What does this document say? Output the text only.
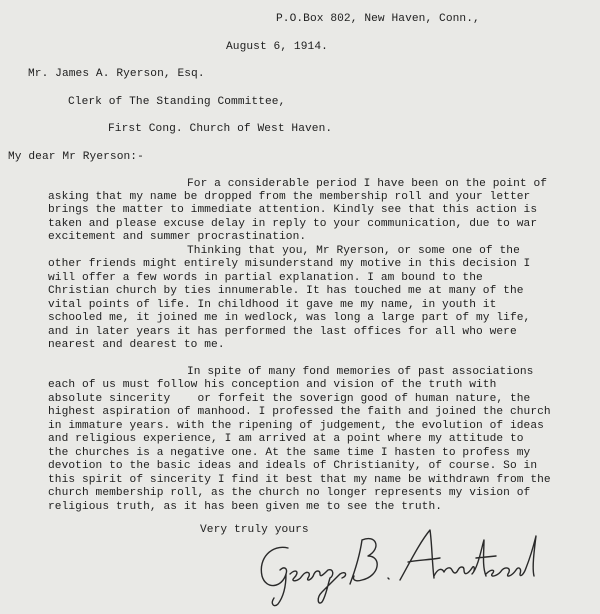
P.O.Box 802, New Haven, Conn.,
August 6, 1914.
Mr. James A. Ryerson, Esq.
Clerk of The Standing Committee,
First Cong. Church of West Haven.
My dear Mr Ryerson:-
For a considerable period I have been on the point of
asking that my name be dropped from the membership roll and your letter
brings the matter to immediate attention. Kindly see that this action is
taken and please excuse delay in reply to your communication, due to war
excitement and summer procrastination.
Thinking that you, Mr Ryerson, or some one of the
other friends might entirely misunderstand my motive in this decision I
will offer a few words in partial explanation. I am bound to the
Christian church by ties innumerable. It has touched me at many of the
vital points of life. In childhood it gave me my name, in youth it
schooled me, it joined me in wedlock, was long a large part of my life,
and in later years it has performed the last offices for all who were
nearest and dearest to me.
In spite of many fond memories of past associations
each of us must follow his conception and vision of the truth with
absolute sincerity    or forfeit the soverign good of human nature, the
highest aspiration of manhood. I professed the faith and joined the church
in immature years. with the ripening of judgement, the evolution of ideas
and religious experience, I am arrived at a point where my attitude to
the churches is a negative one. At the same time I hasten to profess my
devotion to the basic ideas and ideals of Christianity, of course. So in
this spirit of sincerity I find it best that my name be withdrawn from the
church membership roll, as the church no longer represents my vision of
religious truth, as it has been given me to see the truth.
Very truly yours
